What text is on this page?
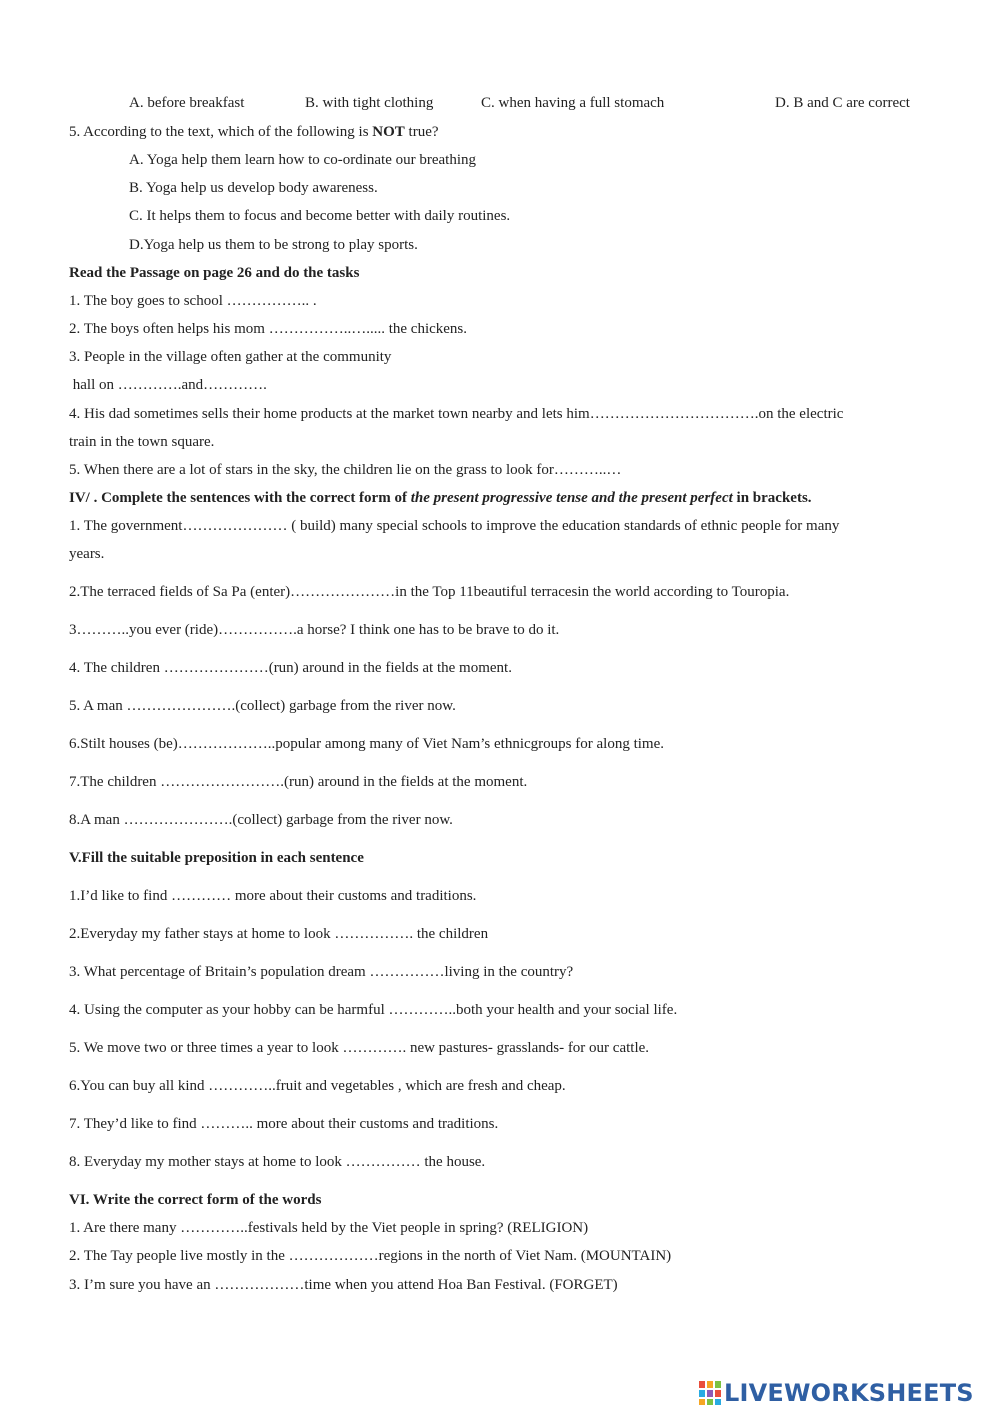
A. before breakfast	B. with tight clothing	C. when having a full stomach	D. B and C are correct
5. According to the text, which of the following is NOT true?
A. Yoga help them learn how to co-ordinate our breathing
B. Yoga help us develop body awareness.
C. It helps them to focus and become better with daily routines.
D.Yoga help us them to be strong to play sports.
Read the Passage on page 26 and do the tasks
1. The boy goes to school …………….. .
2. The boys often helps his mom ……………..…..... the chickens.
3. People in the village often gather at the community
hall on ………….and………….
4. His dad sometimes sells their home products at the market town nearby and lets him…………………………….on the electric
train in the town square.
5. When there are a lot of stars in the sky, the children lie on the grass to look for………..…
IV/ . Complete the sentences with the correct form of the present progressive tense and the present perfect in brackets.
1. The government………………… ( build) many special schools to improve the education standards of ethnic people for many
years.
2.The terraced fields of Sa Pa (enter)…………………in the Top 11beautiful terracesin the world according to Touropia.
3………..you ever (ride)…………….a horse? I think one has to be brave to do it.
4. The children …………………(run) around in the fields at the moment.
5. A man ………………….(collect) garbage from the river now.
6.Stilt houses (be)………………..popular among many of Viet Nam’s ethnicgroups for along time.
7.The children …………………….(run) around in the fields at the moment.
8.A man ………………….(collect) garbage from the river now.
V.Fill the suitable preposition in each sentence
1.I’d like to find ………… more about their customs and traditions.
2.Everyday my father stays at home to look ……………. the children
3. What percentage of Britain’s population dream ……………living in the country?
4. Using the computer as your hobby can be harmful …………..both your health and your social life.
5. We move two or three times a year to look …………. new pastures- grasslands- for our cattle.
6.You can buy all kind …………..fruit and vegetables , which are fresh and cheap.
7. They’d like to find ……….. more about their customs and traditions.
8. Everyday my mother stays at home to look …………… the house.
VI. Write the correct form of the words
1. Are there many …………..festivals held by the Viet people in spring? (RELIGION)
2. The Tay people live mostly in the ………………regions in the north of Viet Nam. (MOUNTAIN)
3. I’m sure you have an ………………time when you attend Hoa Ban Festival. (FORGET)
LIVEWORKSHEETS
